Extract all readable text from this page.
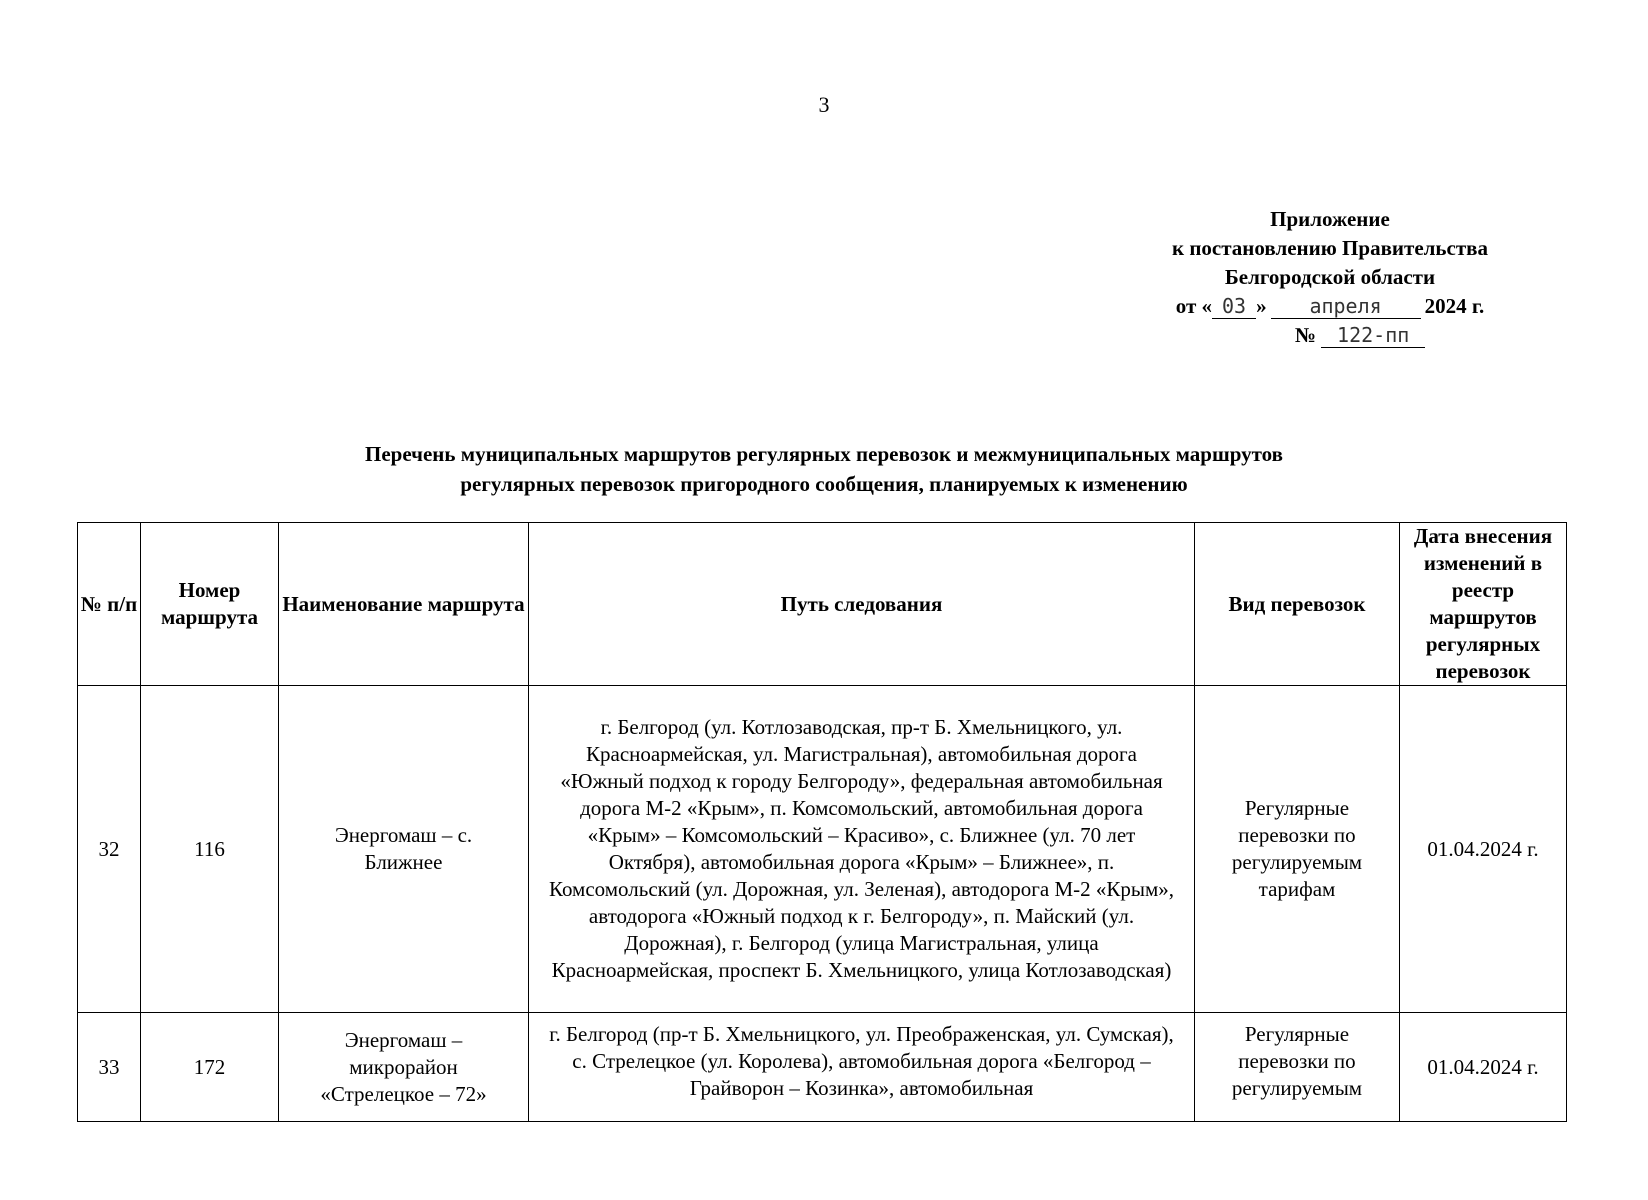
3
Приложение
к постановлению Правительства
Белгородской области
от « 03 » апреля 2024 г.
№ 122-пп
Перечень муниципальных маршрутов регулярных перевозок и межмуниципальных маршрутов
регулярных перевозок пригородного сообщения, планируемых к изменению
№ п/п	Номер маршрута	Наименование маршрута	Путь следования	Вид перевозок	Дата внесения изменений в реестр маршрутов регулярных перевозок
32	116	Энергомаш – с. Ближнее	г. Белгород (ул. Котлозаводская, пр-т Б. Хмельницкого, ул. Красноармейская, ул. Магистральная), автомобильная дорога «Южный подход к городу Белгороду», федеральная автомобильная дорога М-2 «Крым», п. Комсомольский, автомобильная дорога «Крым» – Комсомольский – Красиво», с. Ближнее (ул. 70 лет Октября), автомобильная дорога «Крым» – Ближнее», п. Комсомольский (ул. Дорожная, ул. Зеленая), автодорога М-2 «Крым», автодорога «Южный подход к г. Белгороду», п. Майский (ул. Дорожная), г. Белгород (улица Магистральная, улица Красноармейская, проспект Б. Хмельницкого, улица Котлозаводская)	Регулярные перевозки по регулируемым тарифам	01.04.2024 г.
33	172	Энергомаш – микрорайон «Стрелецкое – 72»	г. Белгород (пр-т Б. Хмельницкого, ул. Преображенская, ул. Сумская), с. Стрелецкое (ул. Королева), автомобильная дорога «Белгород – Грайворон – Козинка», автомобильная	Регулярные перевозки по регулируемым	01.04.2024 г.
